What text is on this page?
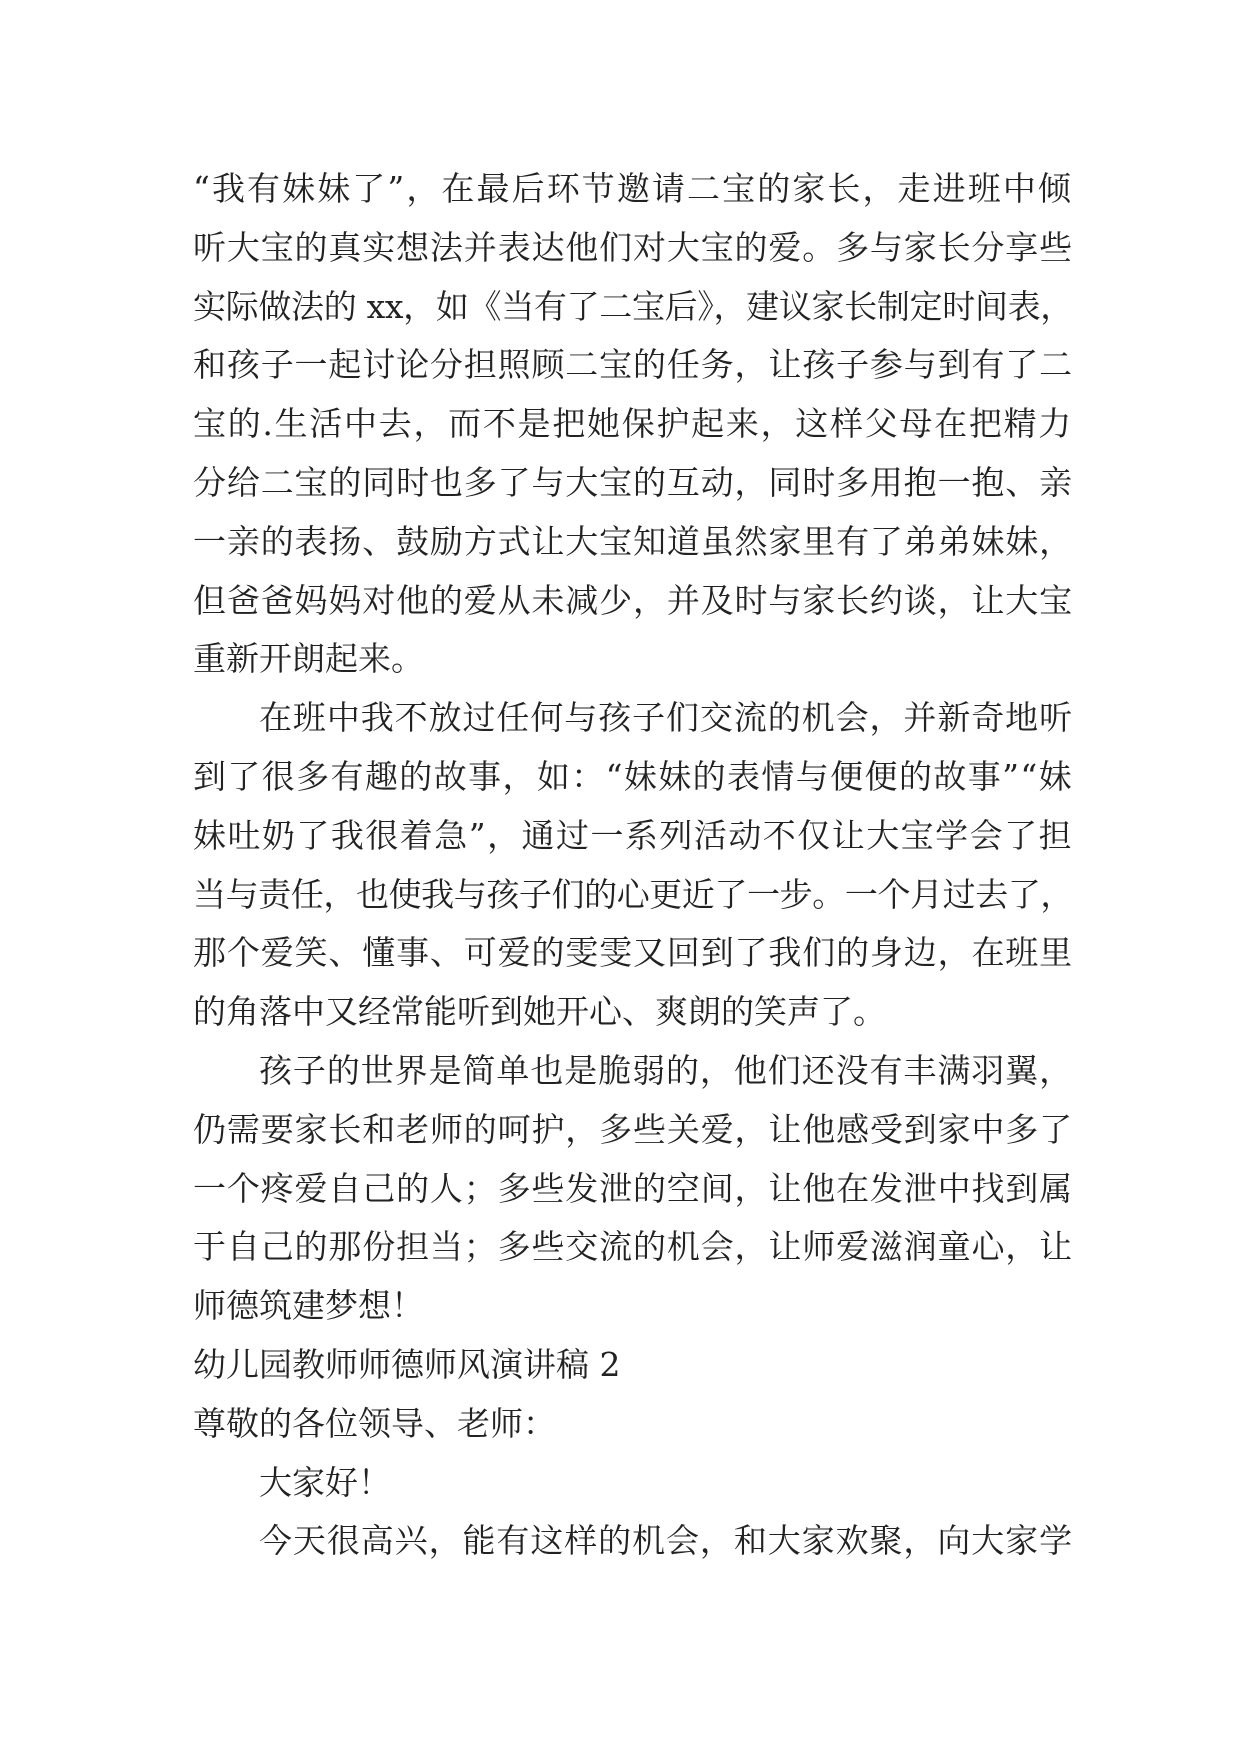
“我有妹妹了”，在最后环节邀请二宝的家长，走进班中倾
听大宝的真实想法并表达他们对大宝的爱。多与家长分享些
实际做法的 xx，如《当有了二宝后》，建议家长制定时间表，
和孩子一起讨论分担照顾二宝的任务，让孩子参与到有了二
宝的.生活中去，而不是把她保护起来，这样父母在把精力
分给二宝的同时也多了与大宝的互动，同时多用抱一抱、亲
一亲的表扬、鼓励方式让大宝知道虽然家里有了弟弟妹妹，
但爸爸妈妈对他的爱从未减少，并及时与家长约谈，让大宝
重新开朗起来。
在班中我不放过任何与孩子们交流的机会，并新奇地听
到了很多有趣的故事，如：“妹妹的表情与便便的故事”“妹
妹吐奶了我很着急”，通过一系列活动不仅让大宝学会了担
当与责任，也使我与孩子们的心更近了一步。一个月过去了，
那个爱笑、懂事、可爱的雯雯又回到了我们的身边，在班里
的角落中又经常能听到她开心、爽朗的笑声了。
孩子的世界是简单也是脆弱的，他们还没有丰满羽翼，
仍需要家长和老师的呵护，多些关爱，让他感受到家中多了
一个疼爱自己的人；多些发泄的空间，让他在发泄中找到属
于自己的那份担当；多些交流的机会，让师爱滋润童心，让
师德筑建梦想！
幼儿园教师师德师风演讲稿 2
尊敬的各位领导、老师：
大家好！
今天很高兴，能有这样的机会，和大家欢聚，向大家学
